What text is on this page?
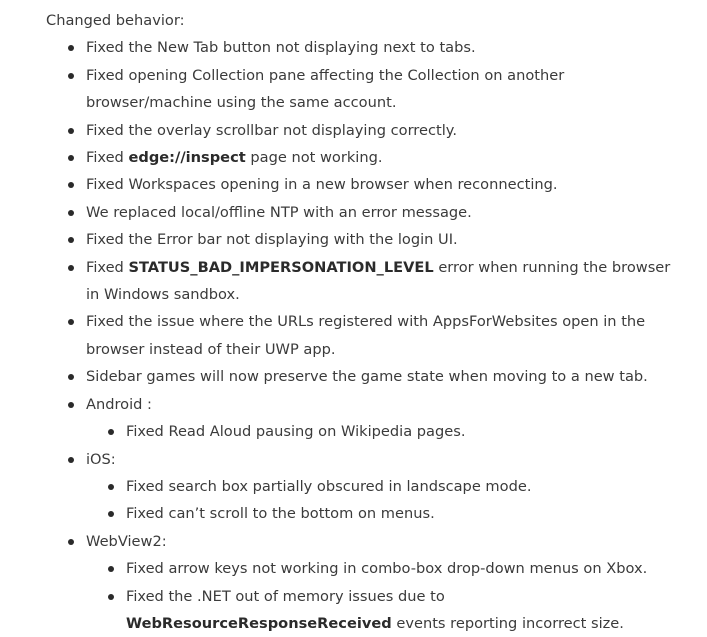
Changed behavior:

Fixed the New Tab button not displaying next to tabs.
Fixed opening Collection pane affecting the Collection on another browser/machine using the same account.
Fixed the overlay scrollbar not displaying correctly.
Fixed edge://inspect page not working.
Fixed Workspaces opening in a new browser when reconnecting.
We replaced local/offline NTP with an error message.
Fixed the Error bar not displaying with the login UI.
Fixed STATUS_BAD_IMPERSONATION_LEVEL error when running the browser in Windows sandbox.
Fixed the issue where the URLs registered with AppsForWebsites open in the browser instead of their UWP app.
Sidebar games will now preserve the game state when moving to a new tab.
Android :
Fixed Read Aloud pausing on Wikipedia pages.
iOS:
Fixed search box partially obscured in landscape mode.
Fixed can’t scroll to the bottom on menus.
WebView2:
Fixed arrow keys not working in combo-box drop-down menus on Xbox.
Fixed the .NET out of memory issues due to WebResourceResponseReceived events reporting incorrect size.
